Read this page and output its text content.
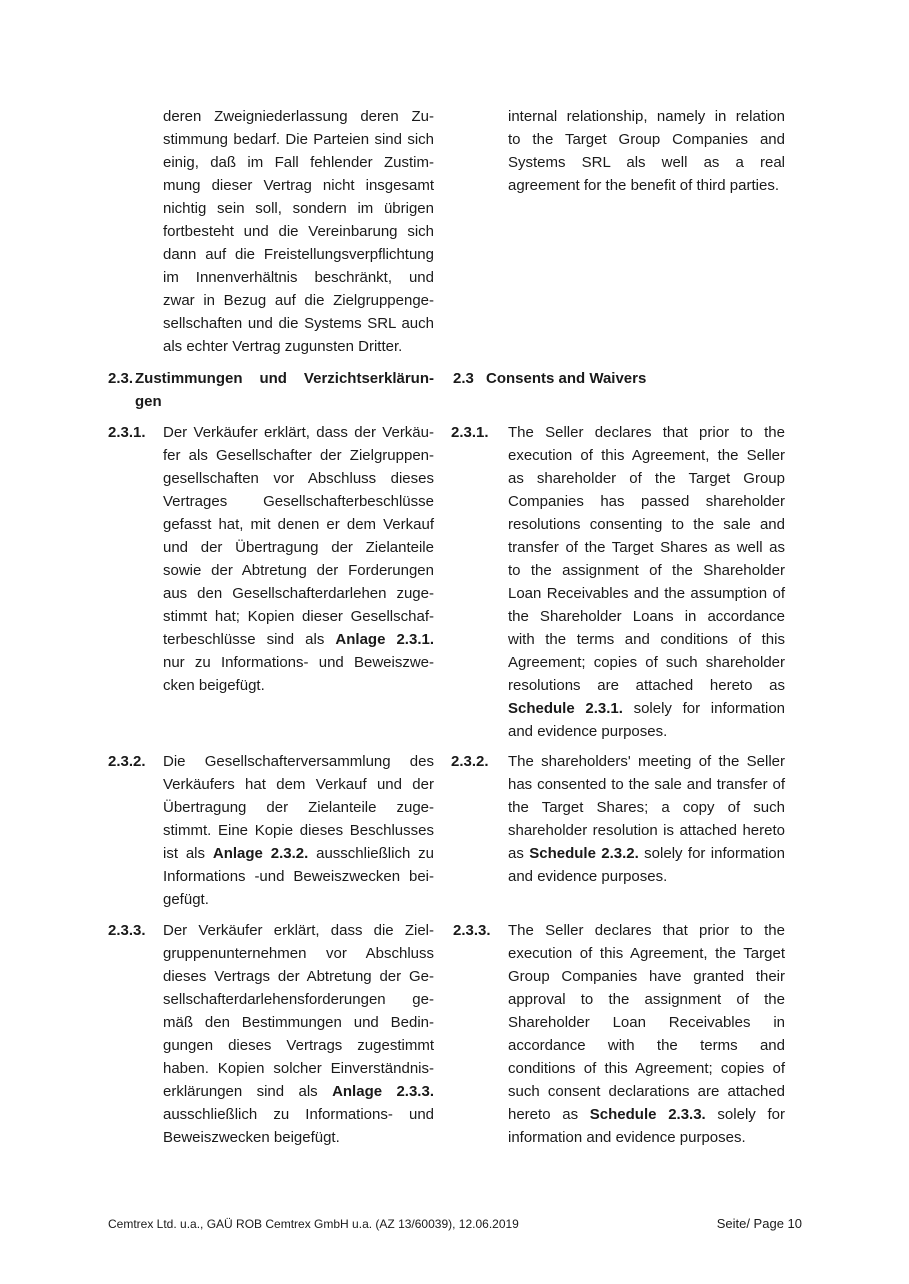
deren Zweigniederlassung deren Zu-
stimmung bedarf. Die Parteien sind sich
einig, daß im Fall fehlender Zustim-
mung dieser Vertrag nicht insgesamt
nichtig sein soll, sondern im übrigen
fortbesteht und die Vereinbarung sich
dann auf die Freistellungsverpflichtung
im Innenverhältnis beschränkt, und
zwar in Bezug auf die Zielgruppenge-
sellschaften und die Systems SRL auch
als echter Vertrag zugunsten Dritter.
internal relationship, namely in relation
to the Target Group Companies and
Systems SRL als well as a real
agreement for the benefit of third parties.
2.3. Zustimmungen und Verzichtserklärun-
gen
2.3 Consents and Waivers
2.3.1. Der Verkäufer erklärt, dass der Verkäu-
fer als Gesellschafter der Zielgruppen-
gesellschaften vor Abschluss dieses
Vertrages Gesellschafterbeschlüsse
gefasst hat, mit denen er dem Verkauf
und der Übertragung der Zielanteile
sowie der Abtretung der Forderungen
aus den Gesellschafterdarlehen zuge-
stimmt hat; Kopien dieser Gesellschaf-
terbeschlüsse sind als Anlage 2.3.1.
nur zu Informations- und Beweiszwe-
cken beigefügt.
2.3.1. The Seller declares that prior to the
execution of this Agreement, the Seller
as shareholder of the Target Group
Companies has passed shareholder
resolutions consenting to the sale and
transfer of the Target Shares as well as
to the assignment of the Shareholder
Loan Receivables and the assumption of
the Shareholder Loans in accordance
with the terms and conditions of this
Agreement; copies of such shareholder
resolutions are attached hereto as
Schedule 2.3.1. solely for information
and evidence purposes.
2.3.2. Die Gesellschafterversammlung des
Verkäufers hat dem Verkauf und der
Übertragung der Zielanteile zuge-
stimmt. Eine Kopie dieses Beschlusses
ist als Anlage 2.3.2. ausschließlich zu
Informations -und Beweiszwecken bei-
gefügt.
2.3.2. The shareholders' meeting of the Seller
has consented to the sale and transfer of
the Target Shares; a copy of such
shareholder resolution is attached hereto
as Schedule 2.3.2. solely for information
and evidence purposes.
2.3.3. Der Verkäufer erklärt, dass die Ziel-
gruppenunternehmen vor Abschluss
dieses Vertrags der Abtretung der Ge-
sellschafterdarlehensforderungen ge-
mäß den Bestimmungen und Bedin-
gungen dieses Vertrags zugestimmt
haben. Kopien solcher Einverständnis-
erklärungen sind als Anlage 2.3.3.
ausschließlich zu Informations- und
Beweiszwecken beigefügt.
2.3.3. The Seller declares that prior to the
execution of this Agreement, the Target
Group Companies have granted their
approval to the assignment of the
Shareholder Loan Receivables in
accordance with the terms and
conditions of this Agreement; copies of
such consent declarations are attached
hereto as Schedule 2.3.3. solely for
information and evidence purposes.
Cemtrex Ltd. u.a., GAÜ ROB Cemtrex GmbH u.a. (AZ 13/60039), 12.06.2019	Seite/ Page 10
